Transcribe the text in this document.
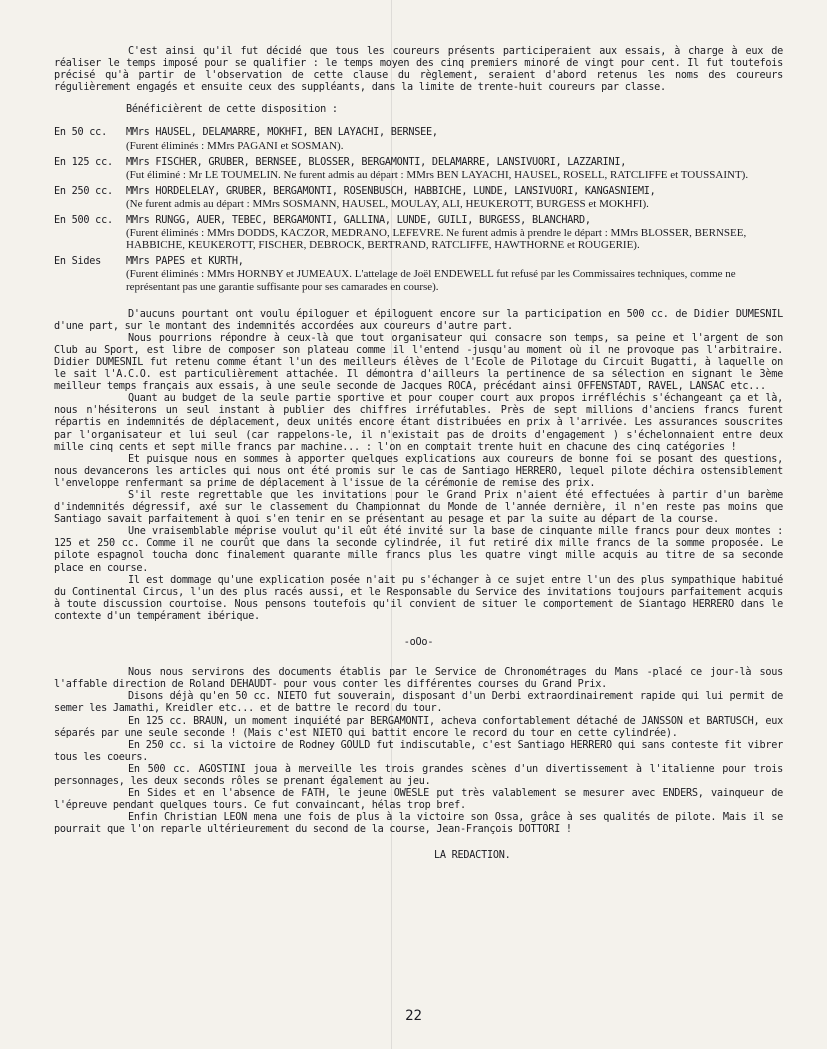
C'est ainsi qu'il fut décidé que tous les coureurs présents participeraient aux essais, à charge à eux de réaliser le temps imposé pour se qualifier : le temps moyen des cinq premiers minoré de vingt pour cent. Il fut toutefois précisé qu'à partir de l'observation de cette clause du règlement, seraient d'abord retenus les noms des coureurs régulièrement engagés et ensuite ceux des suppléants, dans la limite de trente-huit coureurs par classe.

Bénéficièrent de cette disposition :

En 50 cc.	MMrs HAUSEL, DELAMARRE, MOKHFI, BEN LAYACHI, BERNSEE,
(Furent éliminés : MMrs PAGANI et SOSMAN).
En 125 cc.	MMrs FISCHER, GRUBER, BERNSEE, BLOSSER, BERGAMONTI, DELAMARRE, LANSIVUORI, LAZZARINI,
(Fut éliminé : Mr LE TOUMELIN. Ne furent admis au départ : MMrs BEN LAYACHI, HAUSEL, ROSELL, RATCLIFFE et TOUSSAINT).
En 250 cc.	MMrs HORDELELAY, GRUBER, BERGAMONTI, ROSENBUSCH, HABBICHE, LUNDE, LANSIVUORI, KANGASNIEMI,
(Ne furent admis au départ : MMrs SOSMANN, HAUSEL, MOULAY, ALI, HEUKEROTT, BURGESS et MOKHFI).
En 500 cc.	MMrs RUNGG, AUER, TEBEC, BERGAMONTI, GALLINA, LUNDE, GUILI, BURGESS, BLANCHARD,
(Furent éliminés : MMrs DODDS, KACZOR, MEDRANO, LEFEVRE. Ne furent admis à prendre le départ : MMrs BLOSSER, BERNSEE, HABBICHE, KEUKEROTT, FISCHER, DEBROCK, BERTRAND, RATCLIFFE, HAWTHORNE et ROUGERIE).
En Sides	MMrs PAPES et KURTH,
(Furent éliminés : MMrs HORNBY et JUMEAUX. L'attelage de Joël ENDEWELL fut refusé par les Commissaires techniques, comme ne représentant pas une garantie suffisante pour ses camarades en course).

D'aucuns pourtant ont voulu épiloguer et épiloguent encore sur la participation en 500 cc. de Didier DUMESNIL d'une part, sur le montant des indemnités accordées aux coureurs d'autre part.

Nous pourrions répondre à ceux-là que tout organisateur qui consacre son temps, sa peine et l'argent de son Club au Sport, est libre de composer son plateau comme il l'entend -jusqu'au moment où il ne provoque pas l'arbitraire. Didier DUMESNIL fut retenu comme étant l'un des meilleurs élèves de l'Ecole de Pilotage du Circuit Bugatti, à laquelle on le sait l'A.C.O. est particulièrement attachée. Il démontra d'ailleurs la pertinence de sa sélection en signant le 3ème meilleur temps français aux essais, à une seule seconde de Jacques ROCA, précédant ainsi OFFENSTADT, RAVEL, LANSAC etc...

Quant au budget de la seule partie sportive et pour couper court aux propos irréfléchis s'échangeant ça et là, nous n'hésiterons un seul instant à publier des chiffres irréfutables. Près de sept millions d'anciens francs furent répartis en indemnités de déplacement, deux unités encore étant distribuées en prix à l'arrivée. Les assurances souscrites par l'organisateur et lui seul (car rappelons-le, il n'existait pas de droits d'engagement ) s'échelonnaient entre deux mille cinq cents et sept mille francs par machine... : l'on en comptait trente huit en chacune des cinq catégories !

Et puisque nous en sommes à apporter quelques explications aux coureurs de bonne foi se posant des questions, nous devancerons les articles qui nous ont été promis sur le cas de Santiago HERRERO, lequel pilote déchira ostensiblement l'enveloppe renfermant sa prime de déplacement à l'issue de la cérémonie de remise des prix.

S'il reste regrettable que les invitations pour le Grand Prix n'aient été effectuées à partir d'un barème d'indemnités dégressif, axé sur le classement du Championnat du Monde de l'année dernière, il n'en reste pas moins que Santiago savait parfaitement à quoi s'en tenir en se présentant au pesage et par la suite au départ de la course.

Une vraisemblable méprise voulut qu'il eût été invité sur la base de cinquante mille francs pour deux montes : 125 et 250 cc. Comme il ne courût que dans la seconde cylindrée, il fut retiré dix mille francs de la somme proposée. Le pilote espagnol toucha donc finalement quarante mille francs plus les quatre vingt mille acquis au titre de sa seconde place en course.

Il est dommage qu'une explication posée n'ait pu s'échanger à ce sujet entre l'un des plus sympathique habitué du Continental Circus, l'un des plus racés aussi, et le Responsable du Service des invitations toujours parfaitement acquis à toute discussion courtoise. Nous pensons toutefois qu'il convient de situer le comportement de Siantago HERRERO dans le contexte d'un tempérament ibérique.

-oOo-

Nous nous servirons des documents établis par le Service de Chronométrages du Mans -placé ce jour-là sous l'affable direction de Roland DEHAUDT- pour vous conter les différentes courses du Grand Prix.

Disons déjà qu'en 50 cc. NIETO fut souverain, disposant d'un Derbi extraordinairement rapide qui lui permit de semer les Jamathi, Kreidler etc... et de battre le record du tour.

En 125 cc. BRAUN, un moment inquiété par BERGAMONTI, acheva confortablement détaché de JANSSON et BARTUSCH, eux séparés par une seule seconde ! (Mais c'est NIETO qui battit encore le record du tour en cette cylindrée).

En 250 cc. si la victoire de Rodney GOULD fut indiscutable, c'est Santiago HERRERO qui sans conteste fit vibrer tous les coeurs.

En 500 cc. AGOSTINI joua à merveille les trois grandes scènes d'un divertissement à l'italienne pour trois personnages, les deux seconds rôles se prenant également au jeu.

En Sides et en l'absence de FATH, le jeune OWESLE put très valablement se mesurer avec ENDERS, vainqueur de l'épreuve pendant quelques tours. Ce fut convaincant, hélas trop bref.

Enfin Christian LEON mena une fois de plus à la victoire son Ossa, grâce à ses qualités de pilote. Mais il se pourrait que l'on reparle ultérieurement du second de la course, Jean-François DOTTORI !

LA REDACTION.

22
